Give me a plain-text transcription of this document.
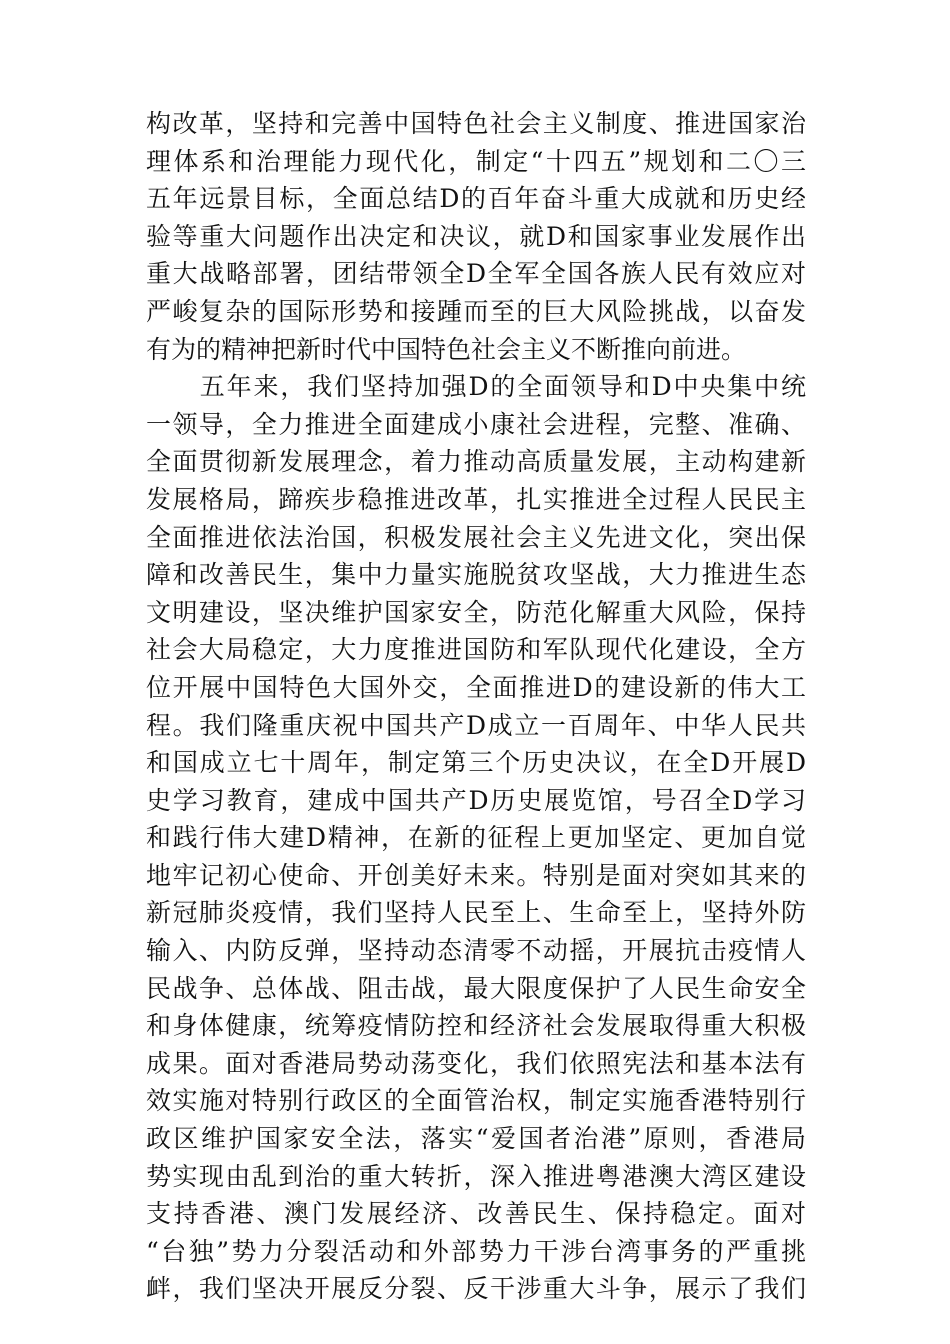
构改革，坚持和完善中国特色社会主义制度、推进国家治
理体系和治理能力现代化，制定“十四五”规划和二〇三
五年远景目标，全面总结D的百年奋斗重大成就和历史经
验等重大问题作出决定和决议，就D和国家事业发展作出
重大战略部署，团结带领全D全军全国各族人民有效应对
严峻复杂的国际形势和接踵而至的巨大风险挑战，以奋发
有为的精神把新时代中国特色社会主义不断推向前进。
　　五年来，我们坚持加强D的全面领导和D中央集中统
一领导，全力推进全面建成小康社会进程，完整、准确、
全面贯彻新发展理念，着力推动高质量发展，主动构建新
发展格局，蹄疾步稳推进改革，扎实推进全过程人民民主
全面推进依法治国，积极发展社会主义先进文化，突出保
障和改善民生，集中力量实施脱贫攻坚战，大力推进生态
文明建设，坚决维护国家安全，防范化解重大风险，保持
社会大局稳定，大力度推进国防和军队现代化建设，全方
位开展中国特色大国外交，全面推进D的建设新的伟大工
程。我们隆重庆祝中国共产D成立一百周年、中华人民共
和国成立七十周年，制定第三个历史决议，在全D开展D
史学习教育，建成中国共产D历史展览馆，号召全D学习
和践行伟大建D精神，在新的征程上更加坚定、更加自觉
地牢记初心使命、开创美好未来。特别是面对突如其来的
新冠肺炎疫情，我们坚持人民至上、生命至上，坚持外防
输入、内防反弹，坚持动态清零不动摇，开展抗击疫情人
民战争、总体战、阻击战，最大限度保护了人民生命安全
和身体健康，统筹疫情防控和经济社会发展取得重大积极
成果。面对香港局势动荡变化，我们依照宪法和基本法有
效实施对特别行政区的全面管治权，制定实施香港特别行
政区维护国家安全法，落实“爱国者治港”原则，香港局
势实现由乱到治的重大转折，深入推进粤港澳大湾区建设
支持香港、澳门发展经济、改善民生、保持稳定。面对
“台独”势力分裂活动和外部势力干涉台湾事务的严重挑
衅，我们坚决开展反分裂、反干涉重大斗争，展示了我们
